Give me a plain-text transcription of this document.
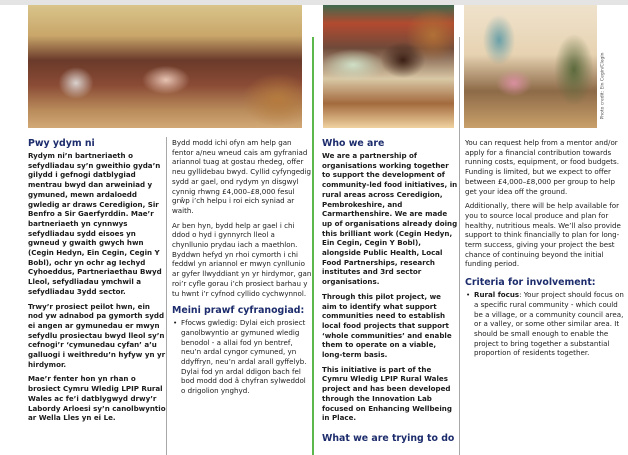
Photo credit: Ein Cegin/Clegin
Pwy ydym ni

Rydym ni’n bartneriaeth o sefydliadau sy’n gweithio gyda’n gilydd i gefnogi datblygiad mentrau bwyd dan arweiniad y gymuned, mewn ardaloedd gwledig ar draws Ceredigion, Sir Benfro a Sir Gaerfyrddin. Mae’r bartneriaeth yn cynnwys sefydliadau sydd eisoes yn gwneud y gwaith gwych hwn (Cegin Hedyn, Ein Cegin, Cegin Y Bobl), ochr yn ochr ag Iechyd Cyhoeddus, Partneriaethau Bwyd Lleol, sefydliadau ymchwil a sefydliadau 3ydd sector.

Trwy’r prosiect peilot hwn, ein nod yw adnabod pa gymorth sydd ei angen ar gymunedau er mwyn sefydlu prosiectau bwyd lleol sy’n cefnogi’r ‘cymunedau cyfan’ a’u galluogi i weithredu’n hyfyw yn yr hirdymor.

Mae’r fenter hon yn rhan o brosiect Cymru Wledig LPIP Rural Wales ac fe’i datblygwyd drwy’r Labordy Arloesi sy’n canolbwyntio ar Wella Lles yn ei Le.

Bydd modd ichi ofyn am help gan fentor a/neu wneud cais am gyfraniad ariannol tuag at gostau rhedeg, offer neu gyllidebau bwyd. Cyllid cyfyngedig sydd ar gael, ond rydym yn disgwyl cynnig rhwng £4,000–£8,000 fesul grŵp i’ch helpu i roi eich syniad ar waith.

Ar ben hyn, bydd help ar gael i chi ddod o hyd i gynnyrch lleol a chynllunio prydau iach a maethlon. Byddwn hefyd yn rhoi cymorth i chi feddwl yn ariannol er mwyn cynllunio ar gyfer llwyddiant yn yr hirdymor, gan roi’r cyfle gorau i’ch prosiect barhau y tu hwnt i’r cyfnod cyllido cychwynnol.

Meini prawf cyfranogiad:
• Ffocws gwledig: Dylai eich prosiect ganolbwyntio ar gymuned wledig benodol - a allai fod yn bentref, neu’n ardal cyngor cymuned, yn ddyffryn, neu’n ardal arall gyffelyb. Dylai fod yn ardal ddigon bach fel bod modd dod â chyfran sylweddol o drigolion ynghyd.
Who we are

We are a partnership of organisations working together to support the development of community-led food initiatives, in rural areas across Ceredigion, Pembrokeshire, and Carmarthenshire. We are made up of organisations already doing this brilliant work (Cegin Hedyn, Ein Cegin, Cegin Y Bobl), alongside Public Health, Local Food Partnerships, research institutes and 3rd sector organisations.

Through this pilot project, we aim to identify what support communities need to establish local food projects that support ‘whole communities’ and enable them to operate on a viable, long-term basis.

This initiative is part of the Cymru Wledig LPIP Rural Wales project and has been developed through the Innovation Lab focused on Enhancing Wellbeing in Place.

What we are trying to do

You can request help from a mentor and/or apply for a financial contribution towards running costs, equipment, or food budgets. Funding is limited, but we expect to offer between £4,000–£8,000 per group to help get your idea off the ground.

Additionally, there will be help available for you to source local produce and plan for healthy, nutritious meals. We’ll also provide support to think financially to plan for long-term success, giving your project the best chance of continuing beyond the initial funding period.

Criteria for involvement:
• Rural focus: Your project should focus on a specific rural community - which could be a village, or a community council area, or a valley, or some other similar area. It should be small enough to enable the project to bring together a substantial proportion of residents together.
